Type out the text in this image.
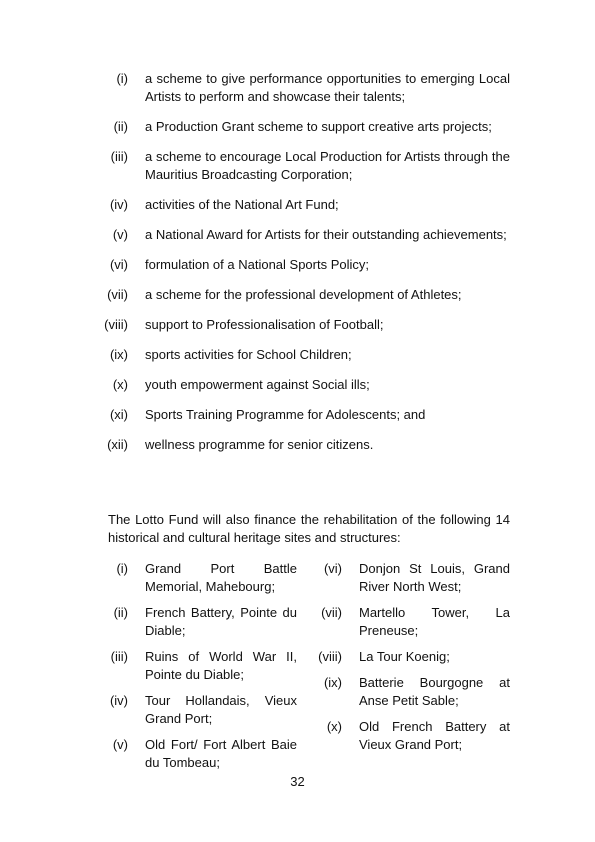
(i) a scheme to give performance opportunities to emerging Local Artists to perform and showcase their talents;
(ii) a Production Grant scheme to support creative arts projects;
(iii) a scheme to encourage Local Production for Artists through the Mauritius Broadcasting Corporation;
(iv) activities of the National Art Fund;
(v) a National Award for Artists for their outstanding achievements;
(vi) formulation of a National Sports Policy;
(vii) a scheme for the professional development of Athletes;
(viii) support to Professionalisation of Football;
(ix) sports activities for School Children;
(x) youth empowerment against Social ills;
(xi) Sports Training Programme for Adolescents; and
(xii) wellness programme for senior citizens.

The Lotto Fund will also finance the rehabilitation of the following 14 historical and cultural heritage sites and structures:

(i) Grand Port Battle Memorial, Mahebourg;
(ii) French Battery, Pointe du Diable;
(iii) Ruins of World War II, Pointe du Diable;
(iv) Tour Hollandais, Vieux Grand Port;
(v) Old Fort/ Fort Albert Baie du Tombeau;
(vi) Donjon St Louis, Grand River North West;
(vii) Martello Tower, La Preneuse;
(viii) La Tour Koenig;
(ix) Batterie Bourgogne at Anse Petit Sable;
(x) Old French Battery at Vieux Grand Port;
32
